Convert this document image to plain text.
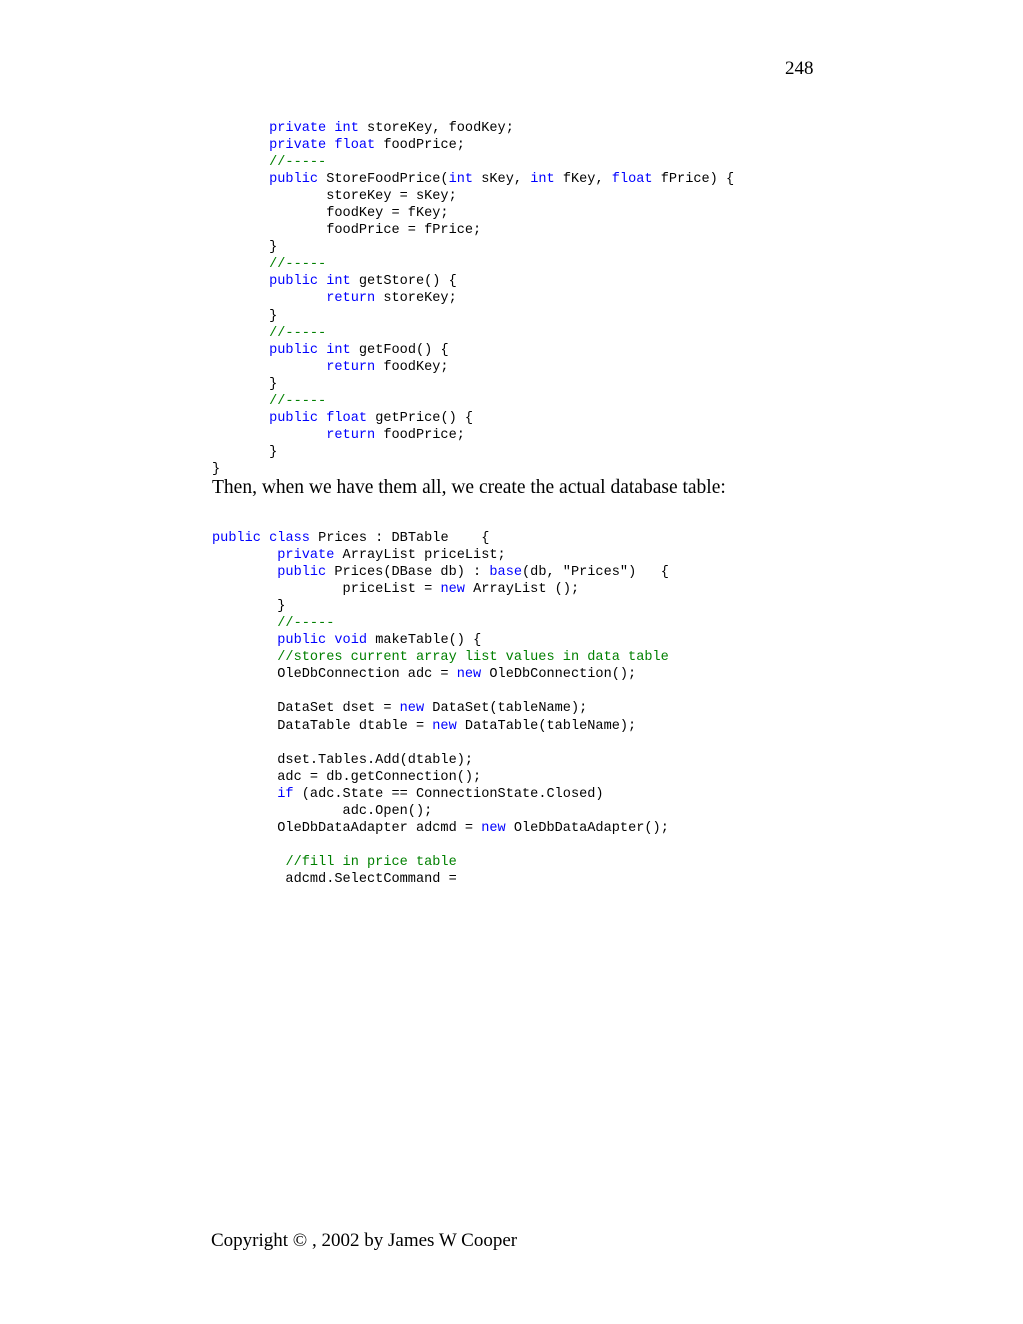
248
	private int storeKey, foodKey;
	private float foodPrice;
	//-----
	public StoreFoodPrice(int sKey, int fKey, float fPrice) {
		storeKey = sKey;
		foodKey = fKey;
		foodPrice = fPrice;
	}
	//-----
	public int getStore() {
		return storeKey;
	}
	//-----
	public int getFood() {
		return foodKey;
	}
	//-----
	public float getPrice() {
		return foodPrice;
	}
}

Then, when we have them all, we create the actual database table:

public class Prices : DBTable    {
	private ArrayList priceList;
	public Prices(DBase db) : base(db, "Prices")   {
		priceList = new ArrayList ();
	}
	//-----
	public void makeTable() {
	//stores current array list values in data table
	OleDbConnection adc = new OleDbConnection();
	DataSet dset = new DataSet(tableName);
	DataTable dtable = new DataTable(tableName);
	dset.Tables.Add(dtable);
	adc = db.getConnection();
	if (adc.State == ConnectionState.Closed)
		adc.Open();
	OleDbDataAdapter adcmd = new OleDbDataAdapter();
	//fill in price table
	adcmd.SelectCommand =

Copyright © , 2002 by James W Cooper
